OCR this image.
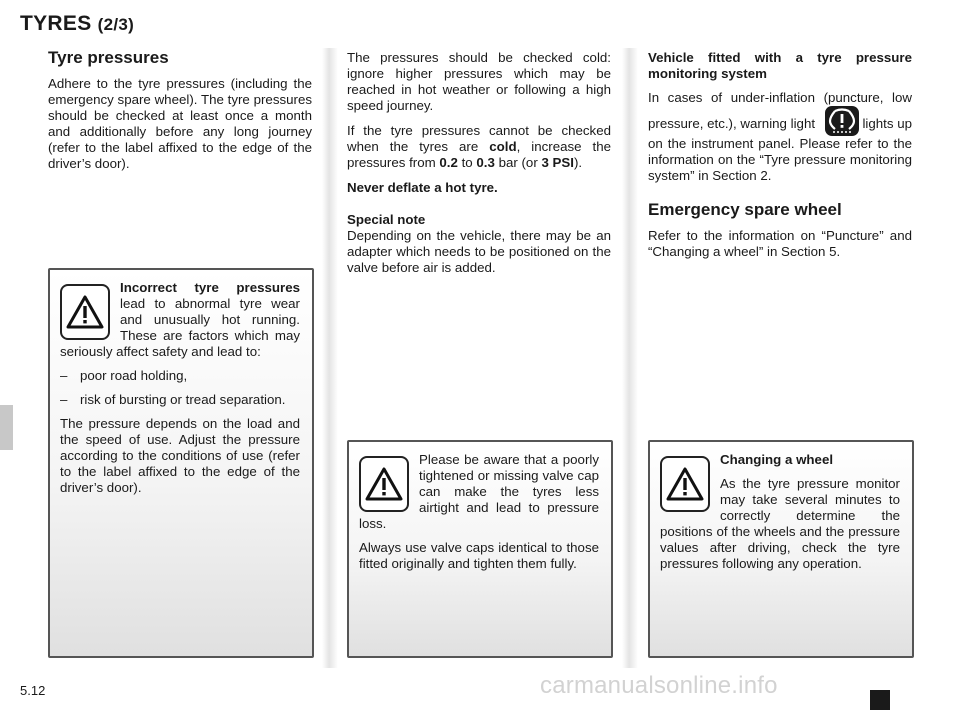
TYRES (2/3)

Tyre pressures

Adhere to the tyre pressures (including the emergency spare wheel). The tyre pressures should be checked at least once a month and additionally before any long journey (refer to the label affixed to the edge of the driver’s door).

Incorrect tyre pressures lead to abnormal tyre wear and unusually hot running. These are factors which may seriously affect safety and lead to:

– poor road holding,
– risk of bursting or tread separation.

The pressure depends on the load and the speed of use. Adjust the pressure according to the conditions of use (refer to the label affixed to the edge of the driver’s door).

The pressures should be checked cold: ignore higher pressures which may be reached in hot weather or following a high speed journey.

If the tyre pressures cannot be checked when the tyres are cold, increase the pressures from 0.2 to 0.3 bar (or 3 PSI).

Never deflate a hot tyre.

Special note

Depending on the vehicle, there may be an adapter which needs to be positioned on the valve before air is added.

Please be aware that a poorly tightened or missing valve cap can make the tyres less airtight and lead to pressure loss.

Always use valve caps identical to those fitted originally and tighten them fully.

Vehicle fitted with a tyre pressure monitoring system

In cases of under-inflation (puncture, low pressure, etc.), warning light	lights up on the instrument panel. Please refer to the information on the “Tyre pressure monitoring system” in Section 2.

Emergency spare wheel

Refer to the information on “Puncture” and “Changing a wheel” in Section 5.

Changing a wheel

As the tyre pressure monitor may take several minutes to correctly determine the positions of the wheels and the pressure values after driving, check the tyre pressures following any operation.

5.12	carmanualsonline.info
